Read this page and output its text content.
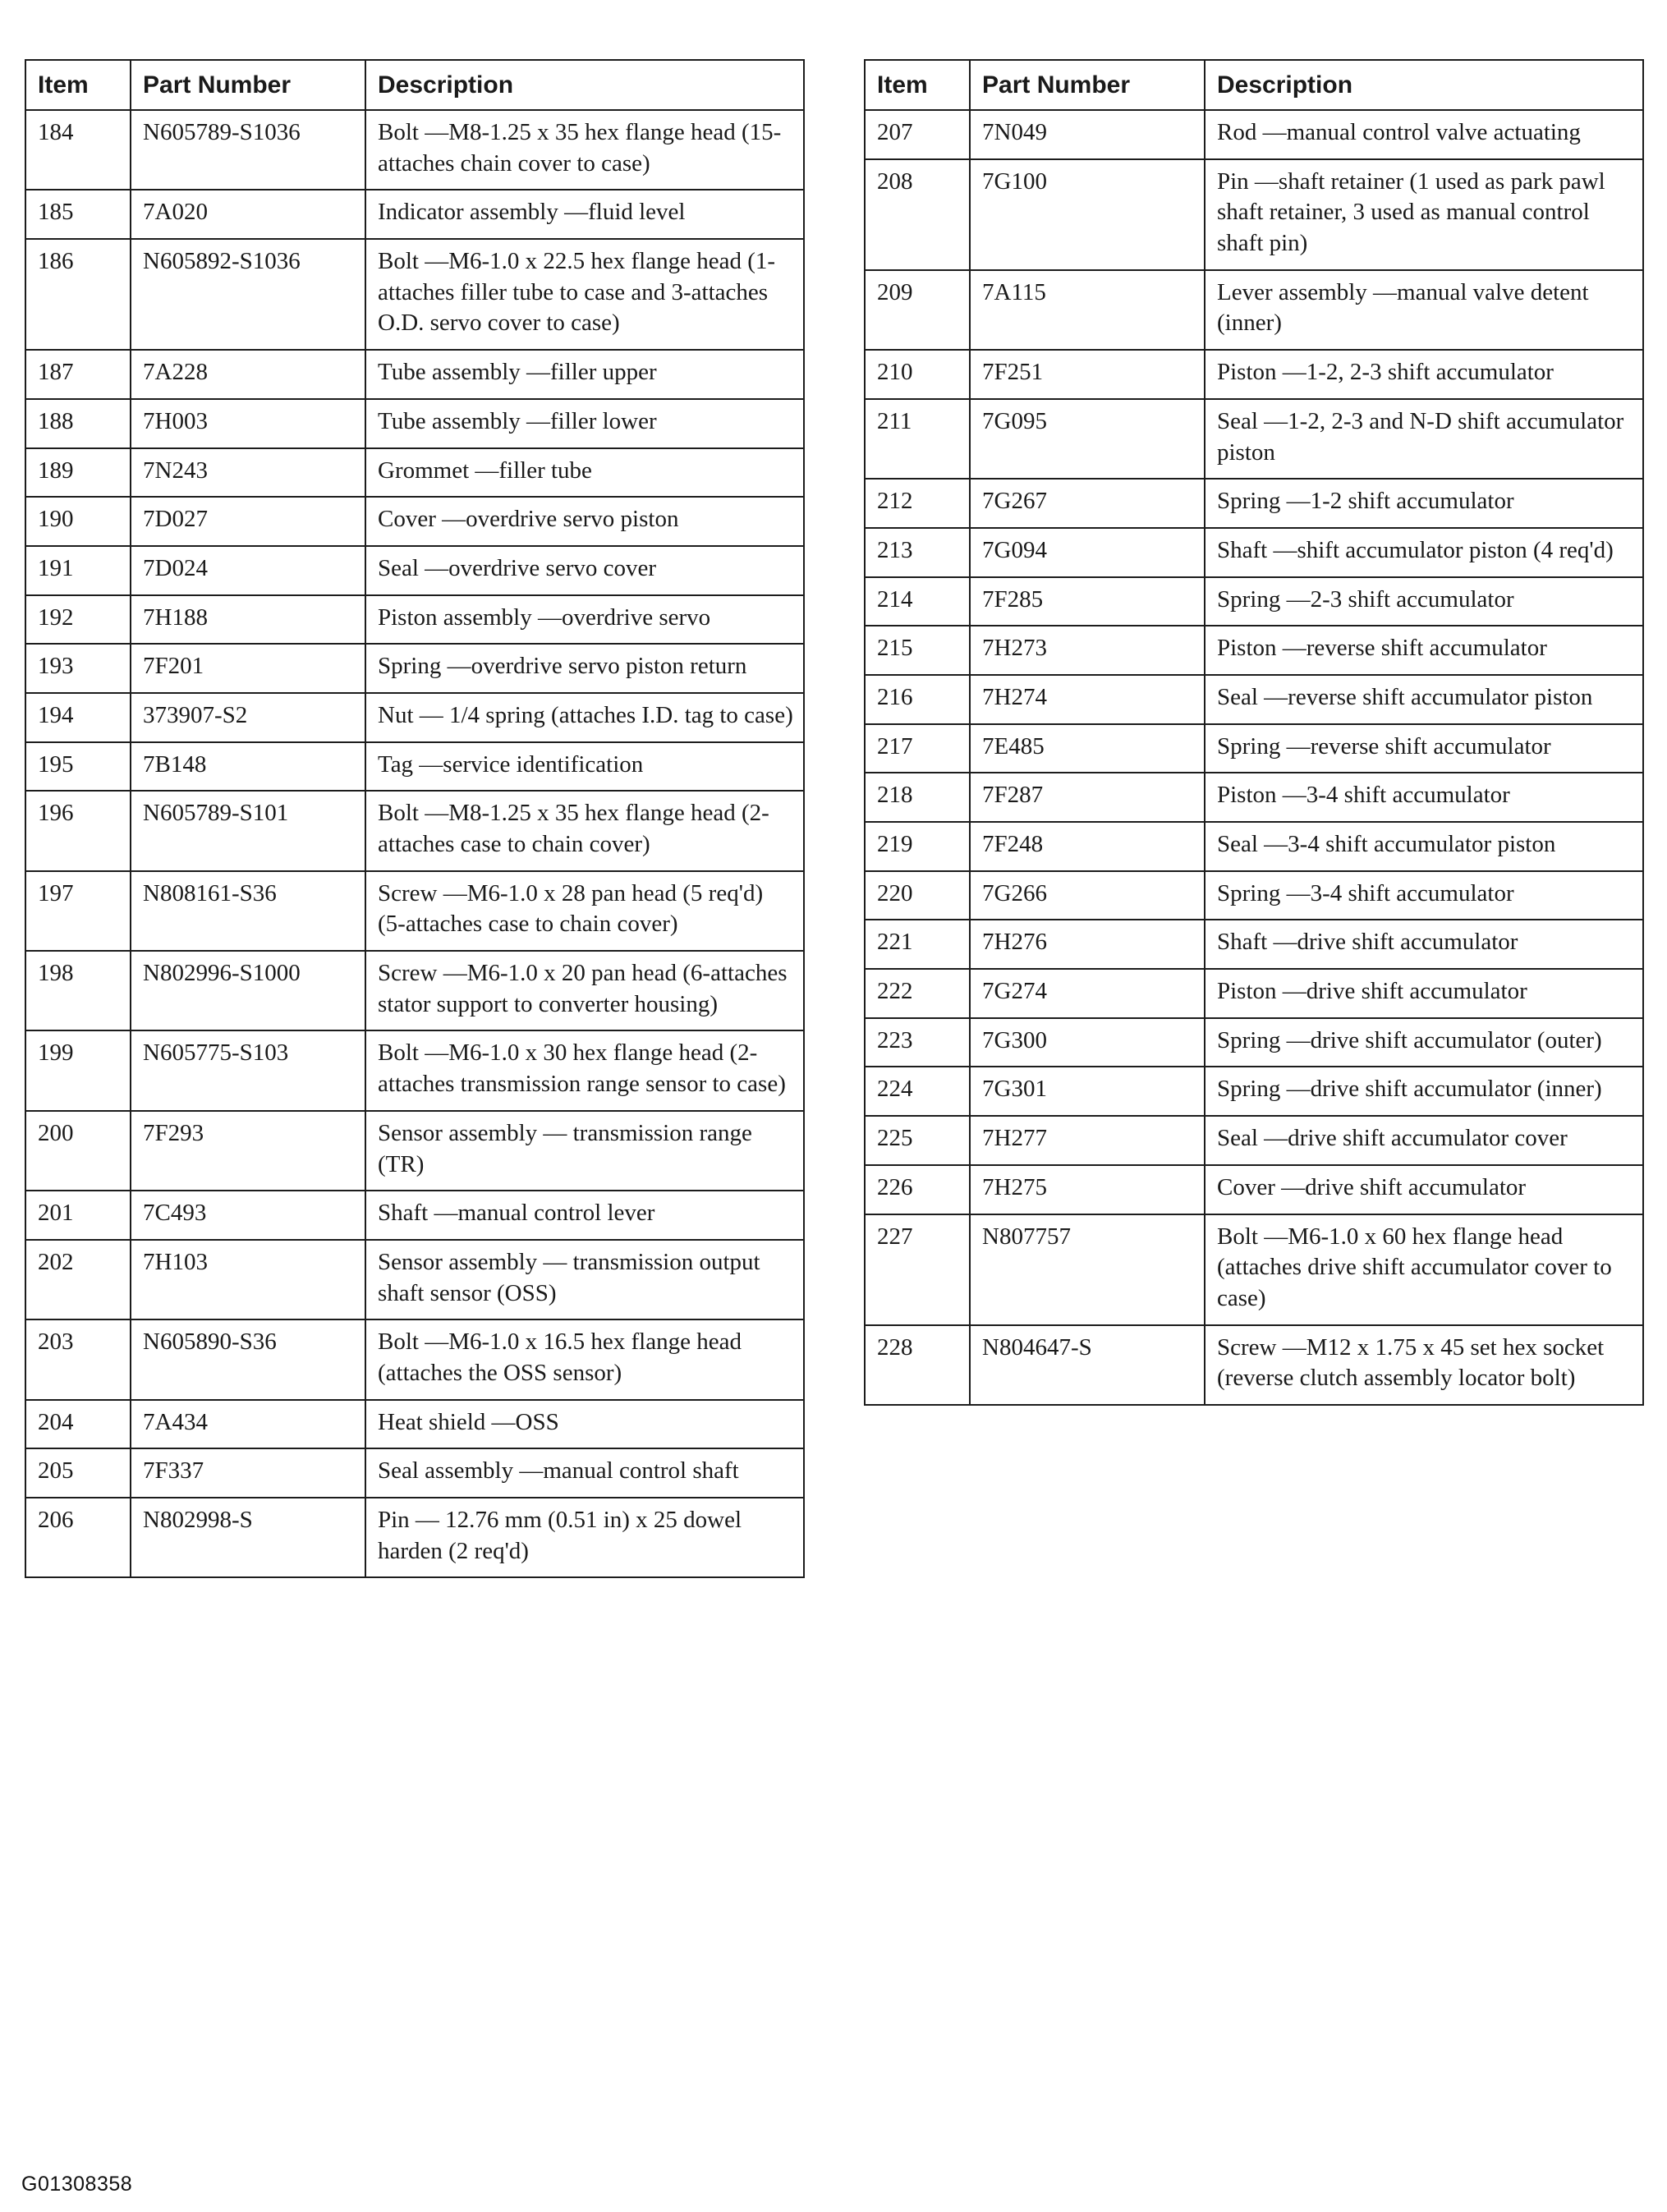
Item	Part Number	Description
184	N605789-S1036	Bolt —M8-1.25 x 35 hex flange head (15-attaches chain cover to case)
185	7A020	Indicator assembly —fluid level
186	N605892-S1036	Bolt —M6-1.0 x 22.5 hex flange head (1-attaches filler tube to case and 3-attaches O.D. servo cover to case)
187	7A228	Tube assembly —filler upper
188	7H003	Tube assembly —filler lower
189	7N243	Grommet —filler tube
190	7D027	Cover —overdrive servo piston
191	7D024	Seal —overdrive servo cover
192	7H188	Piston assembly —overdrive servo
193	7F201	Spring —overdrive servo piston return
194	373907-S2	Nut — 1/4 spring (attaches I.D. tag to case)
195	7B148	Tag —service identification
196	N605789-S101	Bolt —M8-1.25 x 35 hex flange head (2-attaches case to chain cover)
197	N808161-S36	Screw —M6-1.0 x 28 pan head (5 req'd) (5-attaches case to chain cover)
198	N802996-S1000	Screw —M6-1.0 x 20 pan head (6-attaches stator support to converter housing)
199	N605775-S103	Bolt —M6-1.0 x 30 hex flange head (2-attaches transmission range sensor to case)
200	7F293	Sensor assembly — transmission range (TR)
201	7C493	Shaft —manual control lever
202	7H103	Sensor assembly — transmission output shaft sensor (OSS)
203	N605890-S36	Bolt —M6-1.0 x 16.5 hex flange head (attaches the OSS sensor)
204	7A434	Heat shield —OSS
205	7F337	Seal assembly —manual control shaft
206	N802998-S	Pin — 12.76 mm (0.51 in) x 25 dowel harden (2 req'd)
Item	Part Number	Description
207	7N049	Rod —manual control valve actuating
208	7G100	Pin —shaft retainer (1 used as park pawl shaft retainer, 3 used as manual control shaft pin)
209	7A115	Lever assembly —manual valve detent (inner)
210	7F251	Piston —1-2, 2-3 shift accumulator
211	7G095	Seal —1-2, 2-3 and N-D shift accumulator piston
212	7G267	Spring —1-2 shift accumulator
213	7G094	Shaft —shift accumulator piston (4 req'd)
214	7F285	Spring —2-3 shift accumulator
215	7H273	Piston —reverse shift accumulator
216	7H274	Seal —reverse shift accumulator piston
217	7E485	Spring —reverse shift accumulator
218	7F287	Piston —3-4 shift accumulator
219	7F248	Seal —3-4 shift accumulator piston
220	7G266	Spring —3-4 shift accumulator
221	7H276	Shaft —drive shift accumulator
222	7G274	Piston —drive shift accumulator
223	7G300	Spring —drive shift accumulator (outer)
224	7G301	Spring —drive shift accumulator (inner)
225	7H277	Seal —drive shift accumulator cover
226	7H275	Cover —drive shift accumulator
227	N807757	Bolt —M6-1.0 x 60 hex flange head (attaches drive shift accumulator cover to case)
228	N804647-S	Screw —M12 x 1.75 x 45 set hex socket (reverse clutch assembly locator bolt)
G01308358
